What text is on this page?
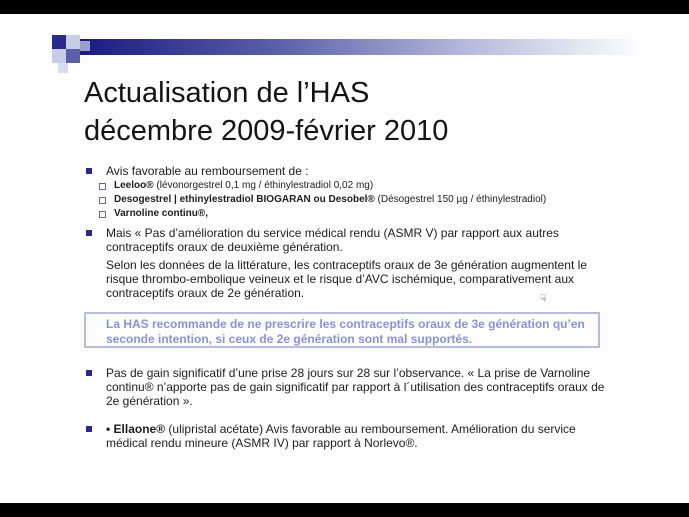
Actualisation de l’HAS
décembre 2009-février 2010
Avis favorable au remboursement de :
Leeloo® (lévonorgestrel 0,1 mg / éthinylestradiol 0,02 mg)
Desogestrel | ethinylestradiol BIOGARAN ou Desobel® (Désogestrel 150 µg / éthinylestradiol)
Varnoline continu®,
Mais « Pas d’amélioration du service médical rendu (ASMR V) par rapport aux autres contraceptifs oraux de deuxième génération.
Selon les données de la littérature, les contraceptifs oraux de 3e génération augmentent le risque thrombo-embolique veineux et le risque d’AVC ischémique, comparativement aux contraceptifs oraux de 2e génération.
La HAS recommande de ne prescrire les contraceptifs oraux de 3e génération qu’en seconde intention, si ceux de 2e génération sont mal supportés.
Pas de gain significatif d’une prise 28 jours sur 28 sur l’observance. « La prise de Varnoline continu® n’apporte pas de gain significatif par rapport à l´utilisation des contraceptifs oraux de 2e génération ».
• Ellaone® (ulipristal acétate) Avis favorable au remboursement. Amélioration du service médical rendu mineure (ASMR IV) par rapport à Norlevo®.
☟
